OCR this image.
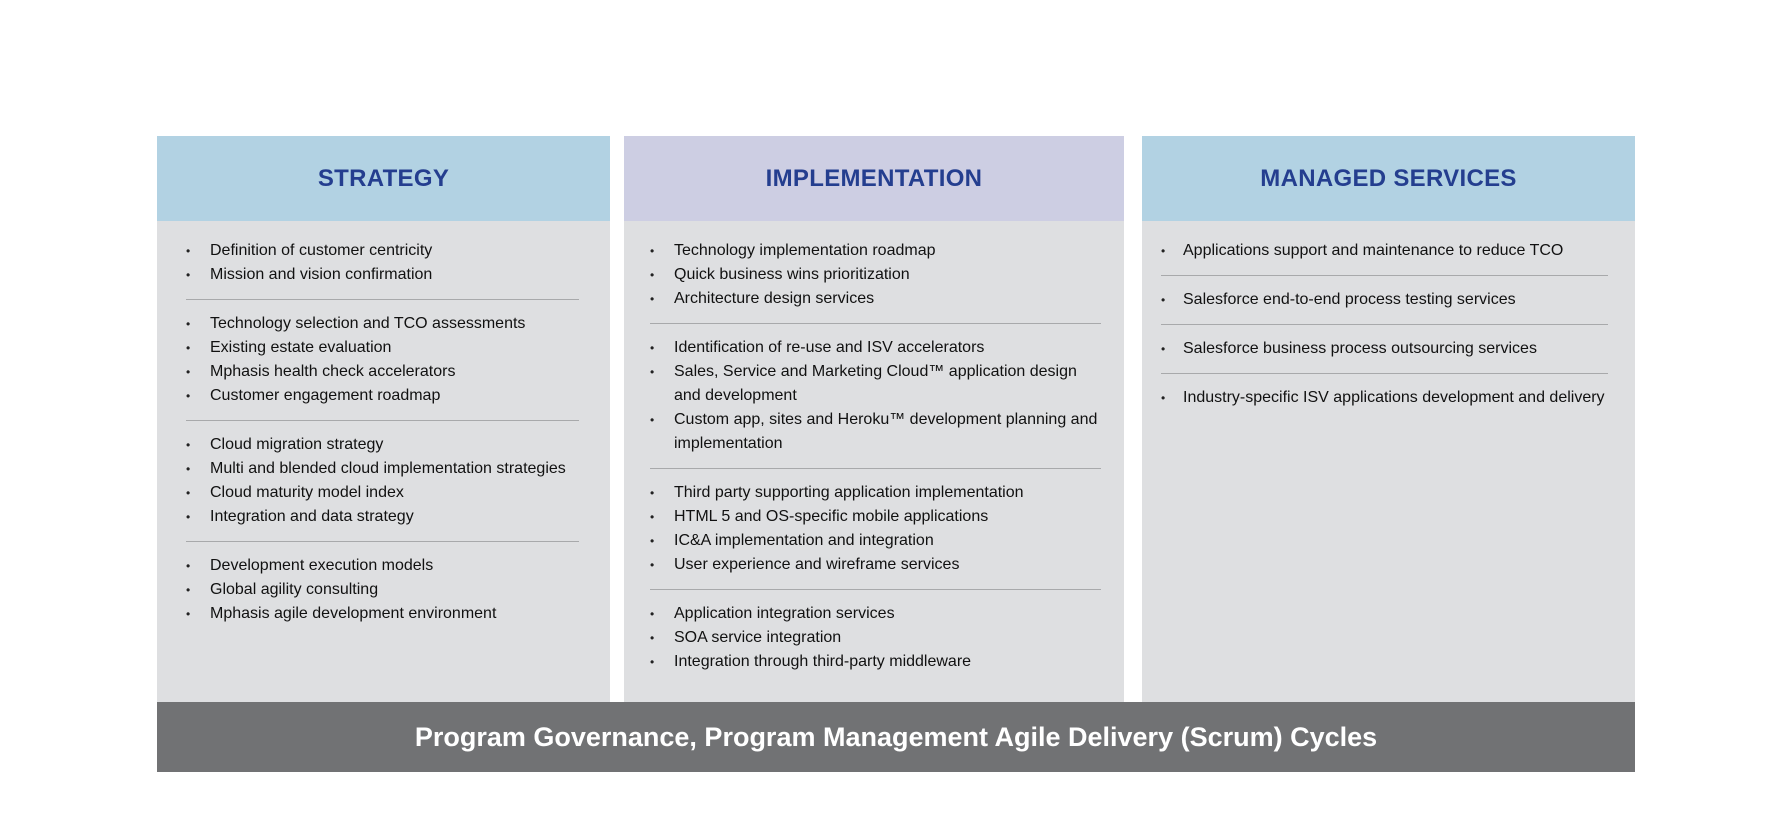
STRATEGY
• Definition of customer centricity
• Mission and vision confirmation
• Technology selection and TCO assessments
• Existing estate evaluation
• Mphasis health check accelerators
• Customer engagement roadmap
• Cloud migration strategy
• Multi and blended cloud implementation strategies
• Cloud maturity model index
• Integration and data strategy
• Development execution models
• Global agility consulting
• Mphasis agile development environment
IMPLEMENTATION
• Technology implementation roadmap
• Quick business wins prioritization
• Architecture design services
• Identification of re-use and ISV accelerators
• Sales, Service and Marketing Cloud™ application design and development
• Custom app, sites and Heroku™ development planning and implementation
• Third party supporting application implementation
• HTML 5 and OS-specific mobile applications
• IC&A implementation and integration
• User experience and wireframe services
• Application integration services
• SOA service integration
• Integration through third-party middleware
MANAGED SERVICES
• Applications support and maintenance to reduce TCO
• Salesforce end-to-end process testing services
• Salesforce business process outsourcing services
• Industry-specific ISV applications development and delivery
Program Governance, Program Management Agile Delivery (Scrum) Cycles
